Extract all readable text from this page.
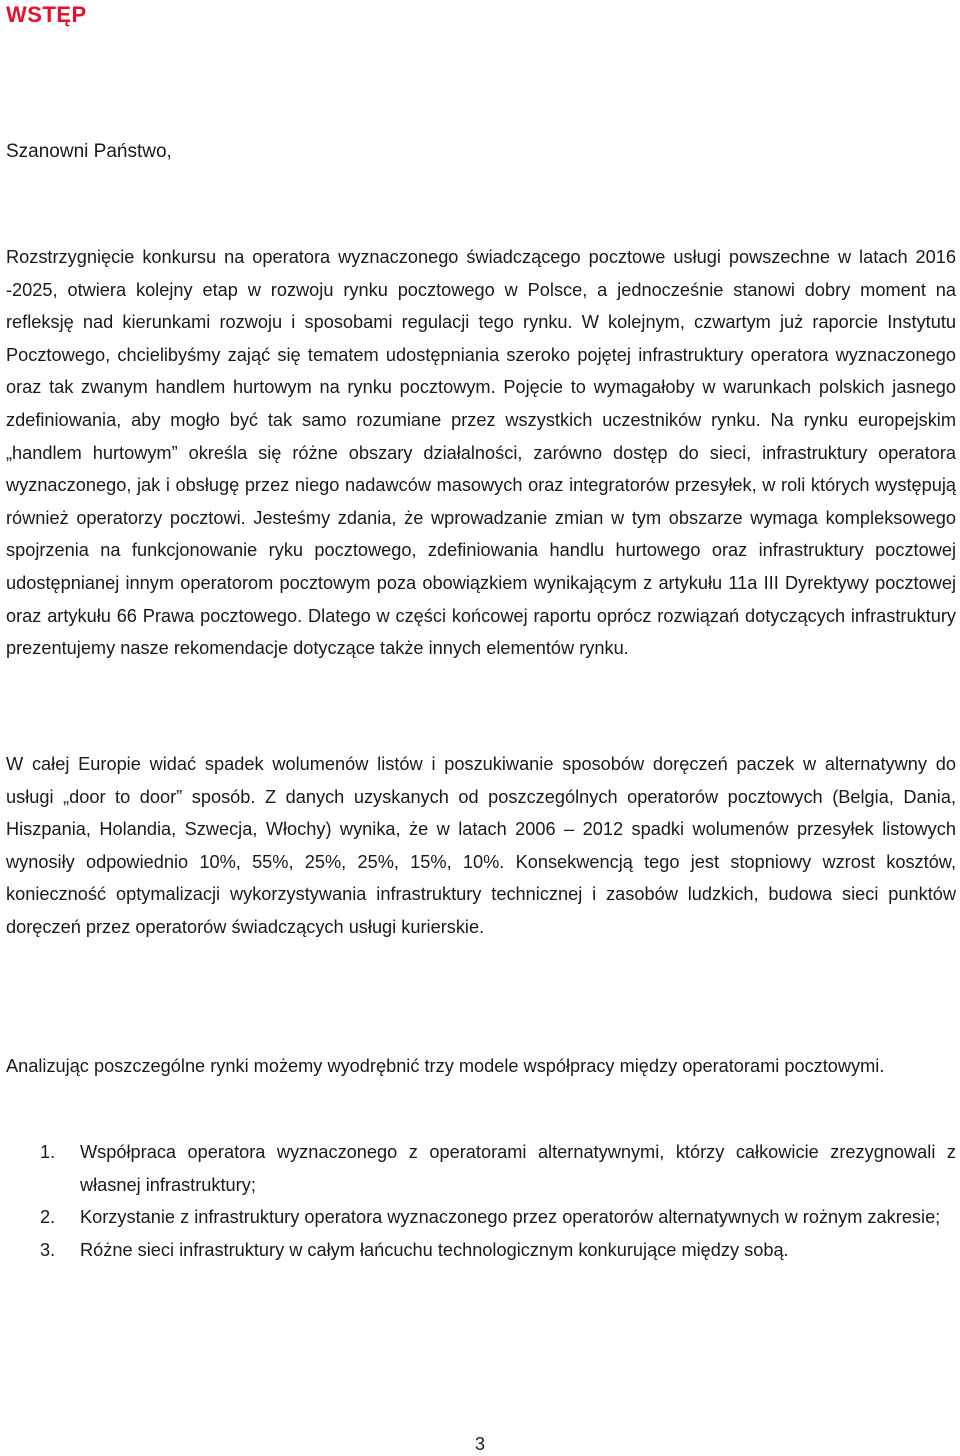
WSTĘP

Szanowni Państwo,

Rozstrzygnięcie konkursu na operatora wyznaczonego świadczącego pocztowe usługi powszechne w latach 2016 -2025, otwiera kolejny etap w rozwoju rynku pocztowego w Polsce, a jednocześnie stanowi dobry moment na refleksję nad kierunkami rozwoju i sposobami regulacji tego rynku. W kolejnym, czwartym już raporcie Instytutu Pocztowego, chcielibyśmy zająć się tematem udostępniania szeroko pojętej infrastruktury operatora wyznaczonego oraz tak zwanym handlem hurtowym na rynku pocztowym. Pojęcie to wymagałoby w warunkach polskich jasnego zdefiniowania, aby mogło być tak samo rozumiane przez wszystkich uczestników rynku. Na rynku europejskim „handlem hurtowym” określa się różne obszary działalności, zarówno dostęp do sieci, infrastruktury operatora wyznaczonego, jak i obsługę przez niego nadawców masowych oraz integratorów przesyłek, w roli których występują również operatorzy pocztowi. Jesteśmy zdania, że wprowadzanie zmian w tym obszarze wymaga kompleksowego spojrzenia na funkcjonowanie ryku pocztowego, zdefiniowania handlu hurtowego oraz infrastruktury pocztowej udostępnianej innym operatorom pocztowym poza obowiązkiem wynikającym z artykułu 11a III Dyrektywy pocztowej oraz artykułu 66 Prawa pocztowego. Dlatego w części końcowej raportu oprócz rozwiązań dotyczących infrastruktury prezentujemy nasze rekomendacje dotyczące także innych elementów rynku.

W całej Europie widać spadek wolumenów listów i poszukiwanie sposobów doręczeń paczek w alternatywny do usługi „door to door” sposób. Z danych uzyskanych od poszczególnych operatorów pocztowych (Belgia, Dania, Hiszpania, Holandia, Szwecja, Włochy) wynika, że w latach 2006 – 2012 spadki wolumenów przesyłek listowych wynosiły odpowiednio 10%, 55%, 25%, 25%, 15%, 10%. Konsekwencją tego jest stopniowy wzrost kosztów, konieczność optymalizacji wykorzystywania infrastruktury technicznej i zasobów ludzkich, budowa sieci punktów doręczeń przez operatorów świadczących usługi kurierskie.

Analizując poszczególne rynki możemy wyodrębnić trzy modele współpracy między operatorami pocztowymi.

1. Współpraca operatora wyznaczonego z operatorami alternatywnymi, którzy całkowicie zrezygnowali z własnej infrastruktury;
2. Korzystanie z infrastruktury operatora wyznaczonego przez operatorów alternatywnych w rożnym zakresie;
3. Różne sieci infrastruktury w całym łańcuchu technologicznym konkurujące między sobą.
3
